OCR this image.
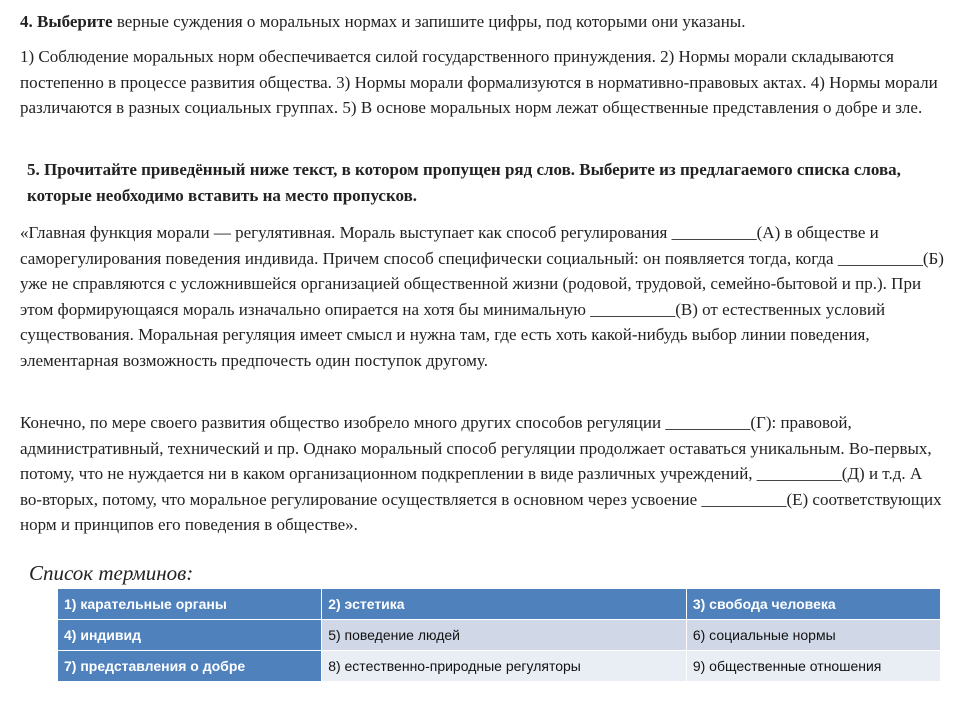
4. Выберите верные суждения о моральных нормах и запишите цифры, под которыми они указаны.
1) Соблюдение моральных норм обеспечивается силой государственного принуждения. 2) Нормы морали складываются постепенно в процессе развития общества. 3) Нормы морали формализуются в нормативно-правовых актах. 4) Нормы морали различаются в разных социальных группах. 5) В основе моральных норм лежат общественные представления о добре и зле.
5. Прочитайте приведённый ниже текст, в котором пропущен ряд слов. Выберите из предлагаемого списка слова, которые необходимо вставить на место пропусков.
«Главная функция морали — регулятивная. Мораль выступает как способ регулирования __________(А) в обществе и саморегулирования поведения индивида. Причем способ специфически социальный: он появляется тогда, когда __________(Б) уже не справляются с усложнившейся организацией общественной жизни (родовой, трудовой, семейно-бытовой и пр.). При этом формирующаяся мораль изначально опирается на хотя бы минимальную __________(В) от естественных условий существования. Моральная регуляция имеет смысл и нужна там, где есть хоть какой-нибудь выбор линии поведения, элементарная возможность предпочесть один поступок другому.
Конечно, по мере своего развития общество изобрело много других способов регуляции __________(Г): правовой, административный, технический и пр. Однако моральный способ регуляции продолжает оставаться уникальным. Во-первых, потому, что не нуждается ни в каком организационном подкреплении в виде различных учреждений, __________(Д) и т.д. А во-вторых, потому, что моральное регулирование осуществляется в основном через усвоение __________(Е) соответствующих норм и принципов его поведения в обществе».
Список терминов:
1) карательные органы	2) эстетика	3) свобода человека
4) индивид	5) поведение людей	6) социальные нормы
7) представления о добре	8) естественно-природные регуляторы	9) общественные отношения
